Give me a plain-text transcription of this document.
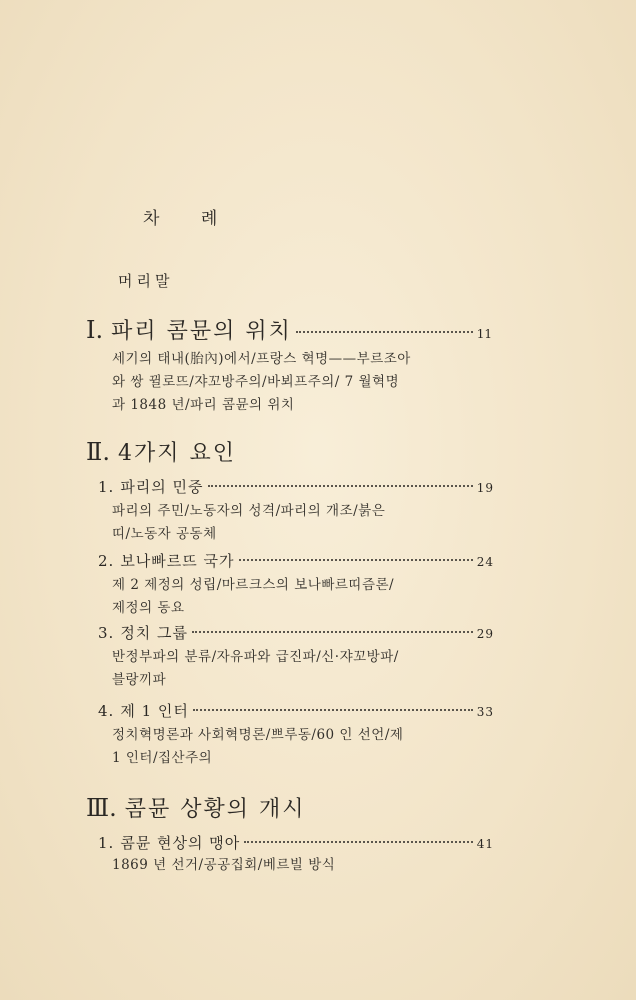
차 례
머리말
Ⅰ. 파리 콤뮨의 위치	11
세기의 태내(胎內)에서/프랑스 혁명——부르조아
와 쌍 뀔로뜨/쟈꼬방주의/바뵈프주의/ 7 월혁명
과 1848 년/파리 콤뮨의 위치
Ⅱ. 4가지 요인
1. 파리의 민중	19
파리의 주민/노동자의 성격/파리의 개조/붉은
띠/노동자 공동체
2. 보나빠르뜨 국가	24
제 2 제정의 성립/마르크스의 보나빠르띠즘론/
제정의 동요
3. 정치 그룹	29
반정부파의 분류/자유파와 급진파/신·쟈꼬방파/
블랑끼파
4. 제 1 인터	33
정치혁명론과 사회혁명론/쁘루동/60 인 선언/제
1 인터/집산주의
Ⅲ. 콤뮨 상황의 개시
1. 콤뮨 현상의 맹아	41
1869 년 선거/공공집회/베르빌 방식
